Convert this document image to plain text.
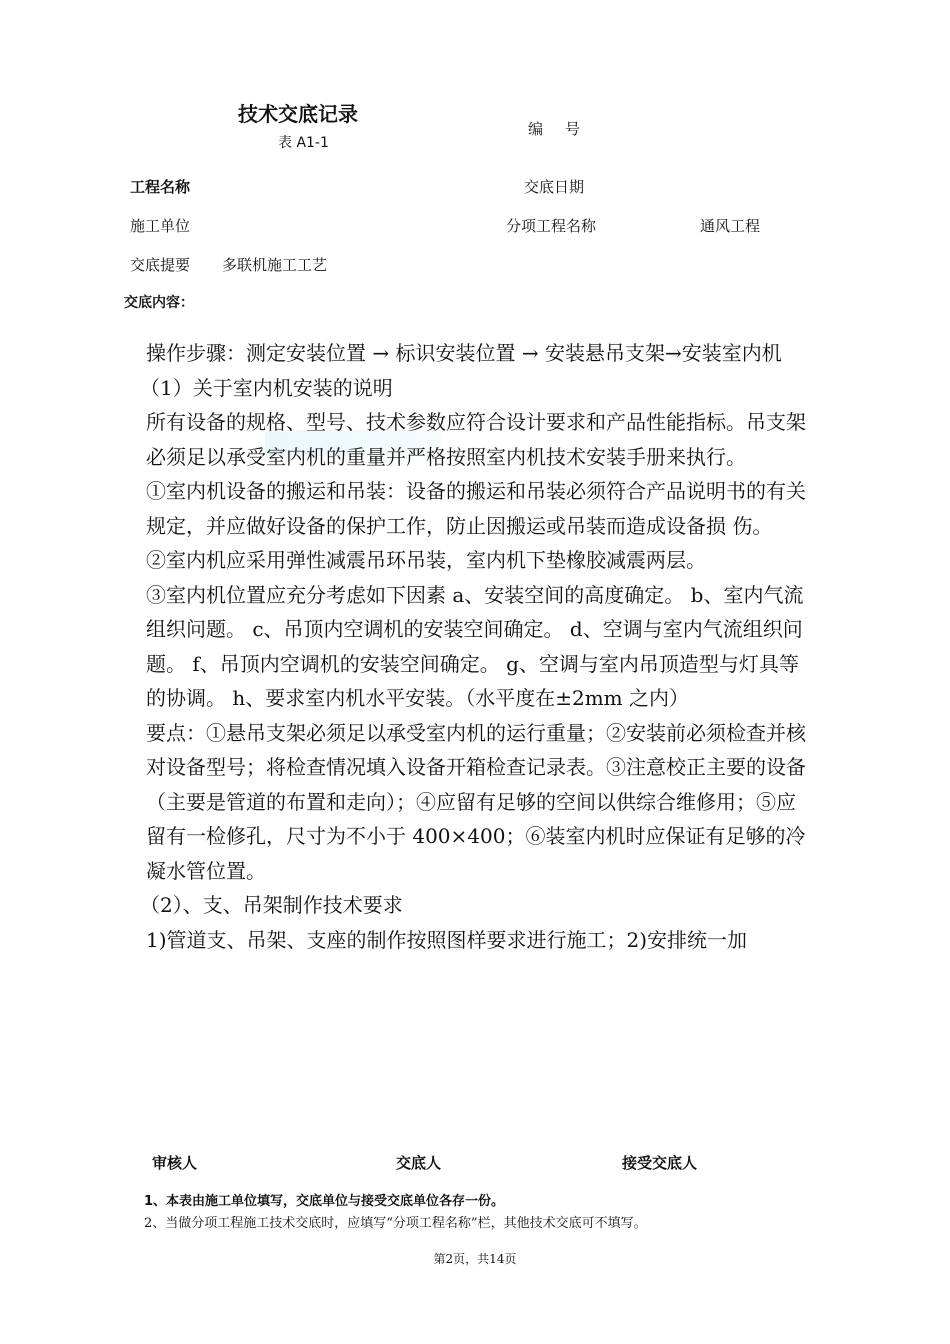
技术交底记录
表 A1-1
编号
工程名称	交底日期
施工单位	分项工程名称	通风工程
交底提要 多联机施工工艺
交底内容：

操作步骤：测定安装位置 → 标识安装位置 → 安装悬吊支架→安装室内机

（1）关于室内机安装的说明

所有设备的规格、型号、技术参数应符合设计要求和产品性能指标。吊支架必须足以承受室内机的重量并严格按照室内机技术安装手册来执行。

①室内机设备的搬运和吊装：设备的搬运和吊装必须符合产品说明书的有关规定，并应做好设备的保护工作，防止因搬运或吊装而造成设备损 伤。

②室内机应采用弹性减震吊环吊装，室内机下垫橡胶减震两层。

③室内机位置应充分考虑如下因素 a、安装空间的高度确定。 b、室内气流组织问题。 c、吊顶内空调机的安装空间确定。 d、空调与室内气流组织问题。 f、吊顶内空调机的安装空间确定。 g、空调与室内吊顶造型与灯具等的协调。 h、要求室内机水平安装。（水平度在±2mm 之内）

要点：①悬吊支架必须足以承受室内机的运行重量；②安装前必须检查并核对设备型号；将检查情况填入设备开箱检查记录表。③注意校正主要的设备（主要是管道的布置和走向）；④应留有足够的空间以供综合维修用；⑤应留有一检修孔，尺寸为不小于 400×400；⑥装室内机时应保证有足够的冷凝水管位置。

（2）、支、吊架制作技术要求

1)管道支、吊架、支座的制作按照图样要求进行施工；2)安排统一加

审核人	交底人	接受交底人
1、本表由施工单位填写，交底单位与接受交底单位各存一份。
2、当做分项工程施工技术交底时，应填写“分项工程名称”栏，其他技术交底可不填写。
第2页，共14页
